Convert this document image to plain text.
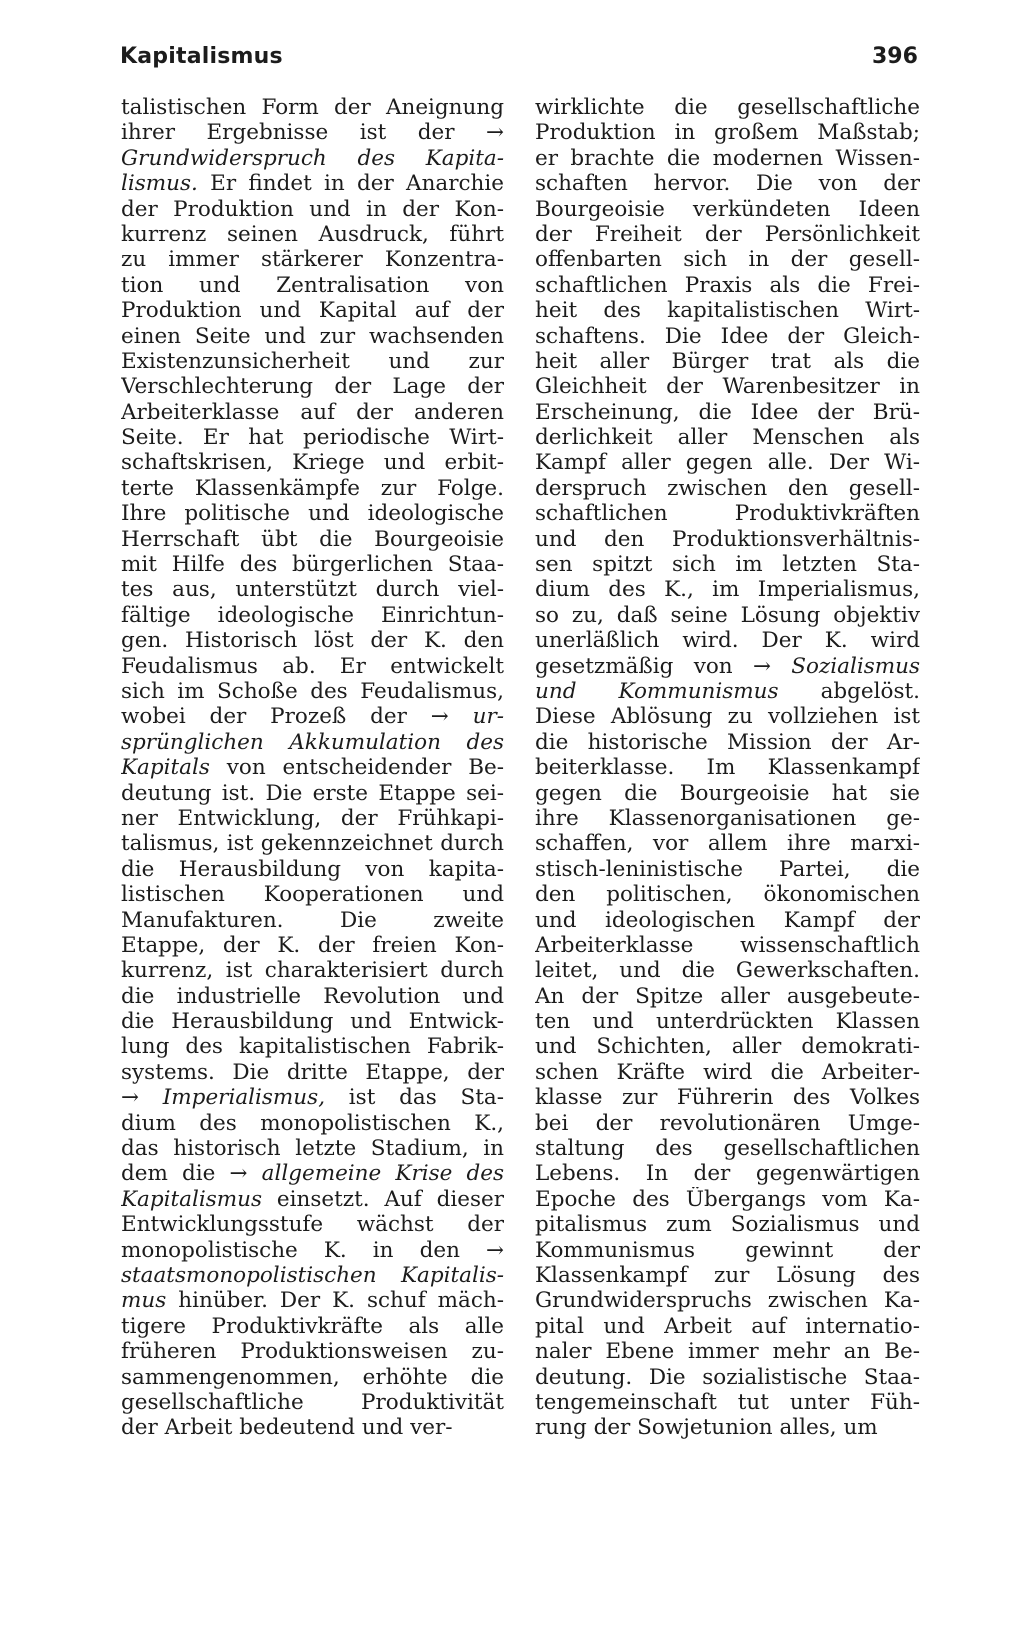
Kapitalismus	396
talistischen Form der Aneignung
ihrer Ergebnisse ist der →
Grundwiderspruch des Kapita-
lismus. Er findet in der Anarchie
der Produktion und in der Kon-
kurrenz seinen Ausdruck, führt
zu immer stärkerer Konzentra-
tion und Zentralisation von
Produktion und Kapital auf der
einen Seite und zur wachsenden
Existenzunsicherheit und zur
Verschlechterung der Lage der
Arbeiterklasse auf der anderen
Seite. Er hat periodische Wirt-
schaftskrisen, Kriege und erbit-
terte Klassenkämpfe zur Folge.
Ihre politische und ideologische
Herrschaft übt die Bourgeoisie
mit Hilfe des bürgerlichen Staa-
tes aus, unterstützt durch viel-
fältige ideologische Einrichtun-
gen. Historisch löst der K. den
Feudalismus ab. Er entwickelt
sich im Schoße des Feudalismus,
wobei der Prozeß der → ur-
sprünglichen Akkumulation des
Kapitals von entscheidender Be-
deutung ist. Die erste Etappe sei-
ner Entwicklung, der Frühkapi-
talismus, ist gekennzeichnet durch
die Herausbildung von kapita-
listischen Kooperationen und
Manufakturen. Die zweite
Etappe, der K. der freien Kon-
kurrenz, ist charakterisiert durch
die industrielle Revolution und
die Herausbildung und Entwick-
lung des kapitalistischen Fabrik-
systems. Die dritte Etappe, der
→ Imperialismus, ist das Sta-
dium des monopolistischen K.,
das historisch letzte Stadium, in
dem die → allgemeine Krise des
Kapitalismus einsetzt. Auf dieser
Entwicklungsstufe wächst der
monopolistische K. in den →
staatsmonopolistischen Kapitalis-
mus hinüber. Der K. schuf mäch-
tigere Produktivkräfte als alle
früheren Produktionsweisen zu-
sammengenommen, erhöhte die
gesellschaftliche Produktivität
der Arbeit bedeutend und ver-
wirklichte die gesellschaftliche
Produktion in großem Maßstab;
er brachte die modernen Wissen-
schaften hervor. Die von der
Bourgeoisie verkündeten Ideen
der Freiheit der Persönlichkeit
offenbarten sich in der gesell-
schaftlichen Praxis als die Frei-
heit des kapitalistischen Wirt-
schaftens. Die Idee der Gleich-
heit aller Bürger trat als die
Gleichheit der Warenbesitzer in
Erscheinung, die Idee der Brü-
derlichkeit aller Menschen als
Kampf aller gegen alle. Der Wi-
derspruch zwischen den gesell-
schaftlichen Produktivkräften
und den Produktionsverhältnis-
sen spitzt sich im letzten Sta-
dium des K., im Imperialismus,
so zu, daß seine Lösung objektiv
unerläßlich wird. Der K. wird
gesetzmäßig von → Sozialismus
und Kommunismus abgelöst.
Diese Ablösung zu vollziehen ist
die historische Mission der Ar-
beiterklasse. Im Klassenkampf
gegen die Bourgeoisie hat sie
ihre Klassenorganisationen ge-
schaffen, vor allem ihre marxi-
stisch-leninistische Partei, die
den politischen, ökonomischen
und ideologischen Kampf der
Arbeiterklasse wissenschaftlich
leitet, und die Gewerkschaften.
An der Spitze aller ausgebeute-
ten und unterdrückten Klassen
und Schichten, aller demokrati-
schen Kräfte wird die Arbeiter-
klasse zur Führerin des Volkes
bei der revolutionären Umge-
staltung des gesellschaftlichen
Lebens. In der gegenwärtigen
Epoche des Übergangs vom Ka-
pitalismus zum Sozialismus und
Kommunismus gewinnt der
Klassenkampf zur Lösung des
Grundwiderspruchs zwischen Ka-
pital und Arbeit auf internatio-
naler Ebene immer mehr an Be-
deutung. Die sozialistische Staa-
tengemeinschaft tut unter Füh-
rung der Sowjetunion alles, um
